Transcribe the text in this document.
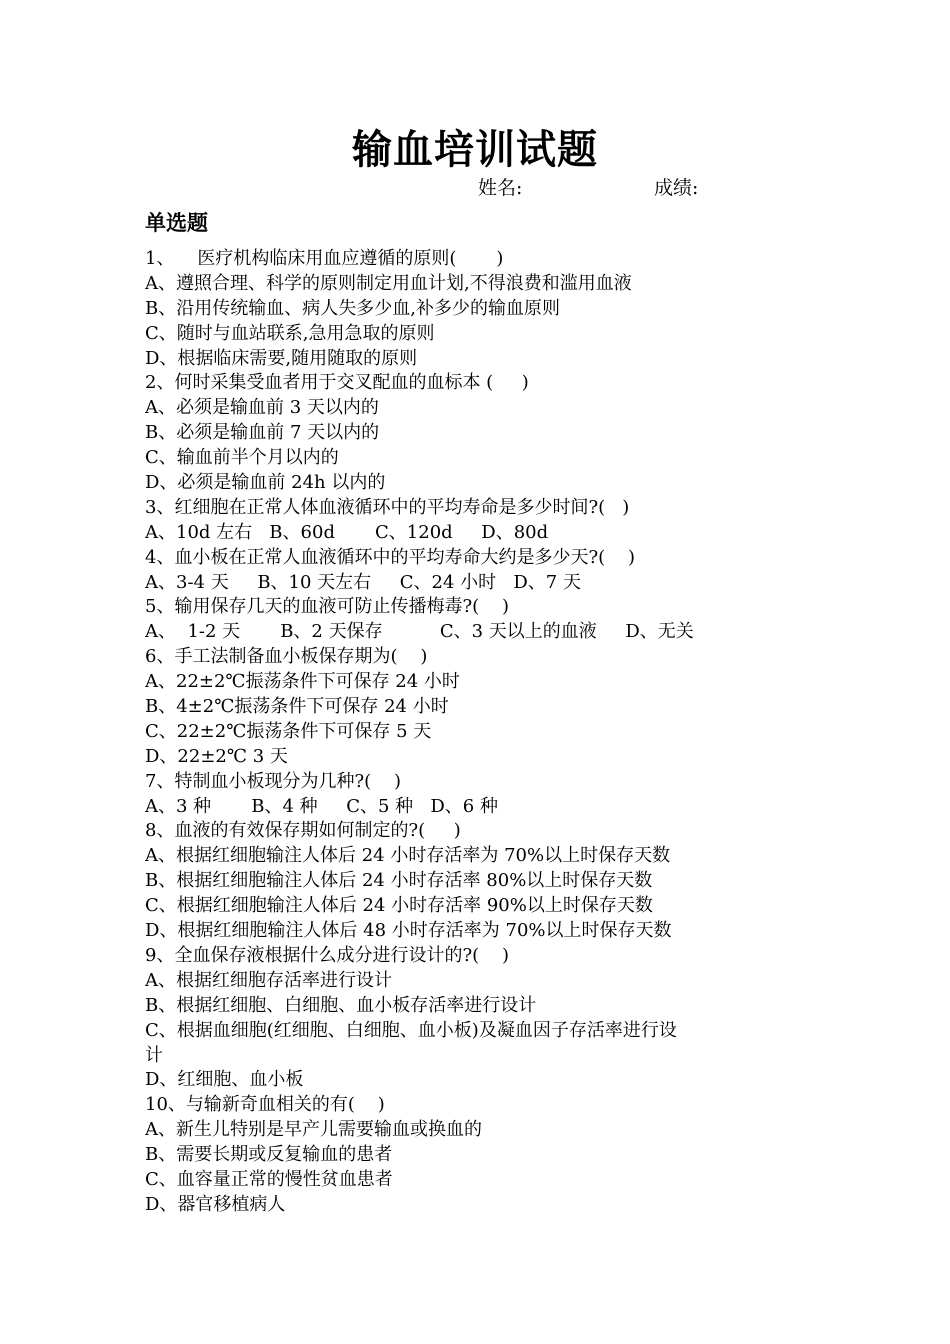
输血培训试题
姓名:	成绩:
单选题
1、    医疗机构临床用血应遵循的原则(       )
A、遵照合理、科学的原则制定用血计划,不得浪费和滥用血液
B、沿用传统输血、病人失多少血,补多少的输血原则
C、随时与血站联系,急用急取的原则
D、根据临床需要,随用随取的原则
2、何时采集受血者用于交叉配血的血标本 (     )
A、必须是输血前 3 天以内的
B、必须是输血前 7 天以内的
C、输血前半个月以内的
D、必须是输血前 24h 以内的
3、红细胞在正常人体血液循环中的平均寿命是多少时间?(   )
A、10d 左右   B、60d       C、120d     D、80d
4、血小板在正常人血液循环中的平均寿命大约是多少天?(    )
A、3-4 天     B、10 天左右     C、24 小时   D、7 天
5、输用保存几天的血液可防止传播梅毒?(    )
A、  1-2 天       B、2 天保存          C、3 天以上的血液     D、无关
6、手工法制备血小板保存期为(    )
A、22±2℃振荡条件下可保存 24 小时
B、4±2℃振荡条件下可保存 24 小时
C、22±2℃振荡条件下可保存 5 天
D、22±2℃ 3 天
7、特制血小板现分为几种?(    )
A、3 种       B、4 种     C、5 种   D、6 种
8、血液的有效保存期如何制定的?(     )
A、根据红细胞输注人体后 24 小时存活率为 70%以上时保存天数
B、根据红细胞输注人体后 24 小时存活率 80%以上时保存天数
C、根据红细胞输注人体后 24 小时存活率 90%以上时保存天数
D、根据红细胞输注人体后 48 小时存活率为 70%以上时保存天数
9、全血保存液根据什么成分进行设计的?(    )
A、根据红细胞存活率进行设计
B、根据红细胞、白细胞、血小板存活率进行设计
C、根据血细胞(红细胞、白细胞、血小板)及凝血因子存活率进行设
计
D、红细胞、血小板
10、与输新奇血相关的有(    )
A、新生儿特别是早产儿需要输血或换血的
B、需要长期或反复输血的患者
C、血容量正常的慢性贫血患者
D、器官移植病人
